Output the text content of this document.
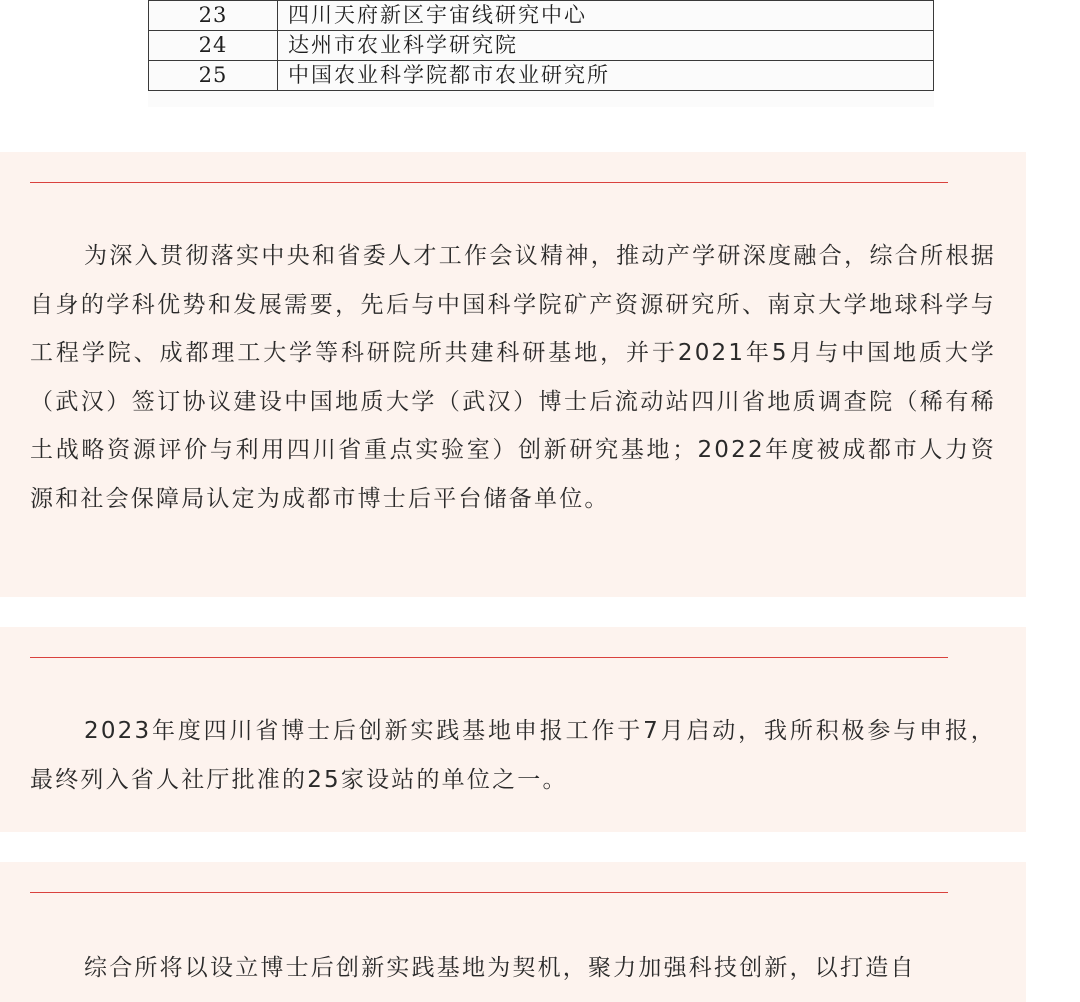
23	四川天府新区宇宙线研究中心
24	达州市农业科学研究院
25	中国农业科学院都市农业研究所

为深入贯彻落实中央和省委人才工作会议精神，推动产学研深度融合，综合所根据自身的学科优势和发展需要，先后与中国科学院矿产资源研究所、南京大学地球科学与工程学院、成都理工大学等科研院所共建科研基地，并于2021年5月与中国地质大学（武汉）签订协议建设中国地质大学（武汉）博士后流动站四川省地质调查院（稀有稀土战略资源评价与利用四川省重点实验室）创新研究基地；2022年度被成都市人力资源和社会保障局认定为成都市博士后平台储备单位。

2023年度四川省博士后创新实践基地申报工作于7月启动，我所积极参与申报，最终列入省人社厅批准的25家设站的单位之一。

综合所将以设立博士后创新实践基地为契机，聚力加强科技创新，以打造自
